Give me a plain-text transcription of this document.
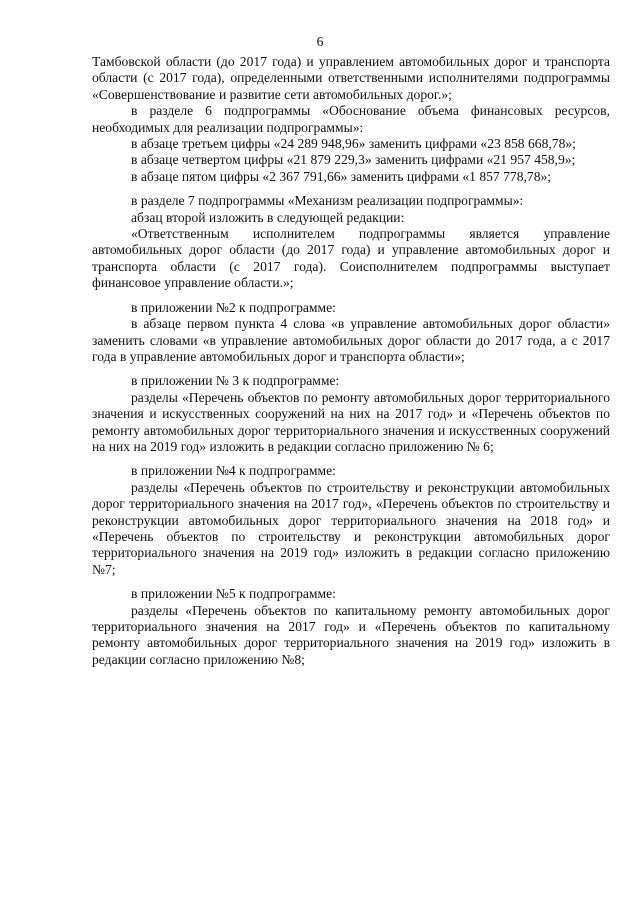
6

Тамбовской области (до 2017 года) и управлением автомобильных дорог и транспорта области (с 2017 года), определенными ответственными исполнителями подпрограммы «Совершенствование и развитие сети автомобильных дорог.»;

в разделе 6 подпрограммы «Обоснование объема финансовых ресурсов, необходимых для реализации подпрограммы»:

в абзаце третьем цифры «24 289 948,96» заменить цифрами «23 858 668,78»;

в абзаце четвертом цифры «21 879 229,3» заменить цифрами «21 957 458,9»;

в абзаце пятом цифры «2 367 791,66» заменить цифрами «1 857 778,78»;

в разделе 7 подпрограммы «Механизм реализации подпрограммы»:

абзац второй изложить в следующей редакции:

«Ответственным исполнителем подпрограммы является управление автомобильных дорог области (до 2017 года) и управление автомобильных дорог и транспорта области (с 2017 года). Соисполнителем подпрограммы выступает финансовое управление области.»;

в приложении №2 к подпрограмме:

в абзаце первом пункта 4 слова «в управление автомобильных дорог области» заменить словами «в управление автомобильных дорог области до 2017 года, а с 2017 года в управление автомобильных дорог и транспорта области»;

в приложении № 3 к подпрограмме:

разделы «Перечень объектов по ремонту автомобильных дорог территориального значения и искусственных сооружений на них на 2017 год» и «Перечень объектов по ремонту автомобильных дорог территориального значения и искусственных сооружений на них на 2019 год» изложить в редакции согласно приложению № 6;

в приложении №4 к подпрограмме:

разделы «Перечень объектов по строительству и реконструкции автомобильных дорог территориального значения на 2017 год», «Перечень объектов по строительству и реконструкции автомобильных дорог территориального значения на 2018 год» и «Перечень объектов по строительству и реконструкции автомобильных дорог территориального значения на 2019 год» изложить в редакции согласно приложению №7;

в приложении №5 к подпрограмме:

разделы «Перечень объектов по капитальному ремонту автомобильных дорог территориального значения на 2017 год» и «Перечень объектов по капитальному ремонту автомобильных дорог территориального значения на 2019 год» изложить в редакции согласно приложению №8;
